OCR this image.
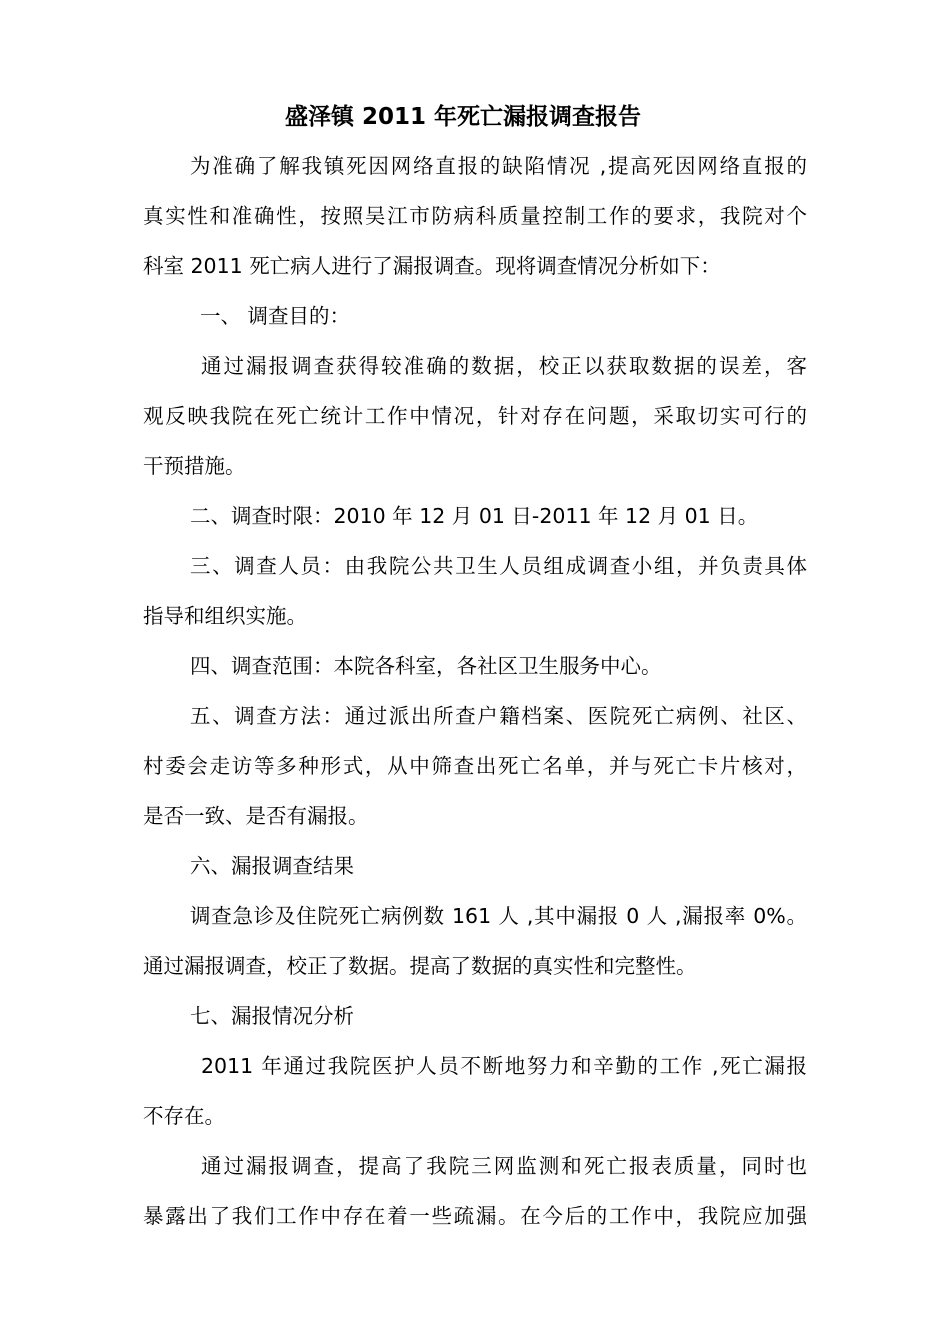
盛泽镇 2011 年死亡漏报调查报告
为准确了解我镇死因网络直报的缺陷情况 ,提高死因网络直报的
真实性和准确性，按照吴江市防病科质量控制工作的要求，我院对个
科室 2011 死亡病人进行了漏报调查。现将调查情况分析如下：
一、 调查目的：
通过漏报调查获得较准确的数据，校正以获取数据的误差，客
观反映我院在死亡统计工作中情况，针对存在问题，采取切实可行的
干预措施。
二、调查时限：2010 年 12 月 01 日-2011 年 12 月 01 日。
三、调查人员：由我院公共卫生人员组成调查小组，并负责具体
指导和组织实施。
四、调查范围：本院各科室，各社区卫生服务中心。
五、调查方法：通过派出所查户籍档案、医院死亡病例、社区、
村委会走访等多种形式，从中筛查出死亡名单，并与死亡卡片核对，
是否一致、是否有漏报。
六、漏报调查结果
调查急诊及住院死亡病例数 161 人 ,其中漏报 0 人 ,漏报率 0%。
通过漏报调查，校正了数据。提高了数据的真实性和完整性。
七、漏报情况分析
2011 年通过我院医护人员不断地努力和辛勤的工作 ,死亡漏报
不存在。
通过漏报调查，提高了我院三网监测和死亡报表质量，同时也
暴露出了我们工作中存在着一些疏漏。在今后的工作中，我院应加强
